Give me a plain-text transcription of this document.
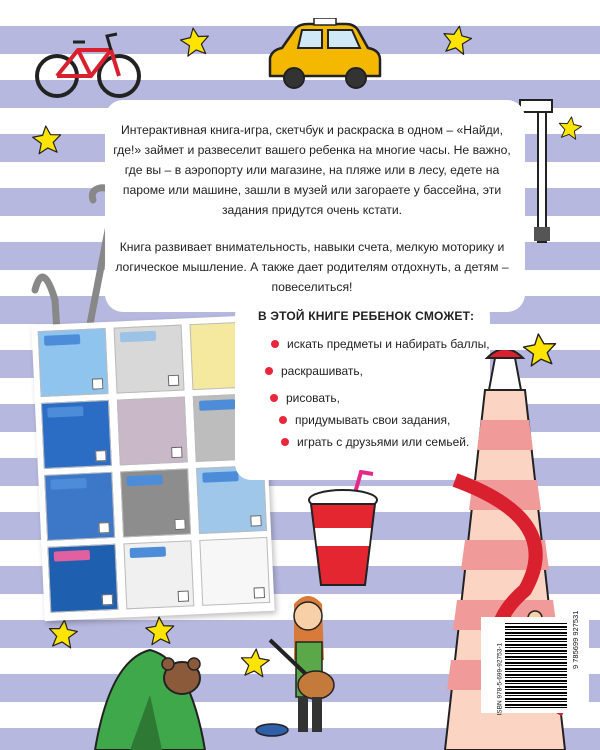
Интерактивная книга-игра, скетчбук и раскраска в одном – «Найди, где!» займет и развеселит вашего ребенка на многие часы. Не важно, где вы – в аэропорту или магазине, на пляже или в лесу, едете на пароме или машине, зашли в музей или загораете у бассейна, эти задания придутся очень кстати.

Книга развивает внимательность, навыки счета, мелкую моторику и логическое мышление. А также дает родителям отдохнуть, а детям – повеселиться!

В ЭТОЙ КНИГЕ РЕБЕНОК СМОЖЕТ:
искать предметы и набирать баллы,
раскрашивать,
рисовать,
придумывать свои задания,
играть с друзьями или семьей.
ISBN 978-5-699-92753-1
9 785699 927531
